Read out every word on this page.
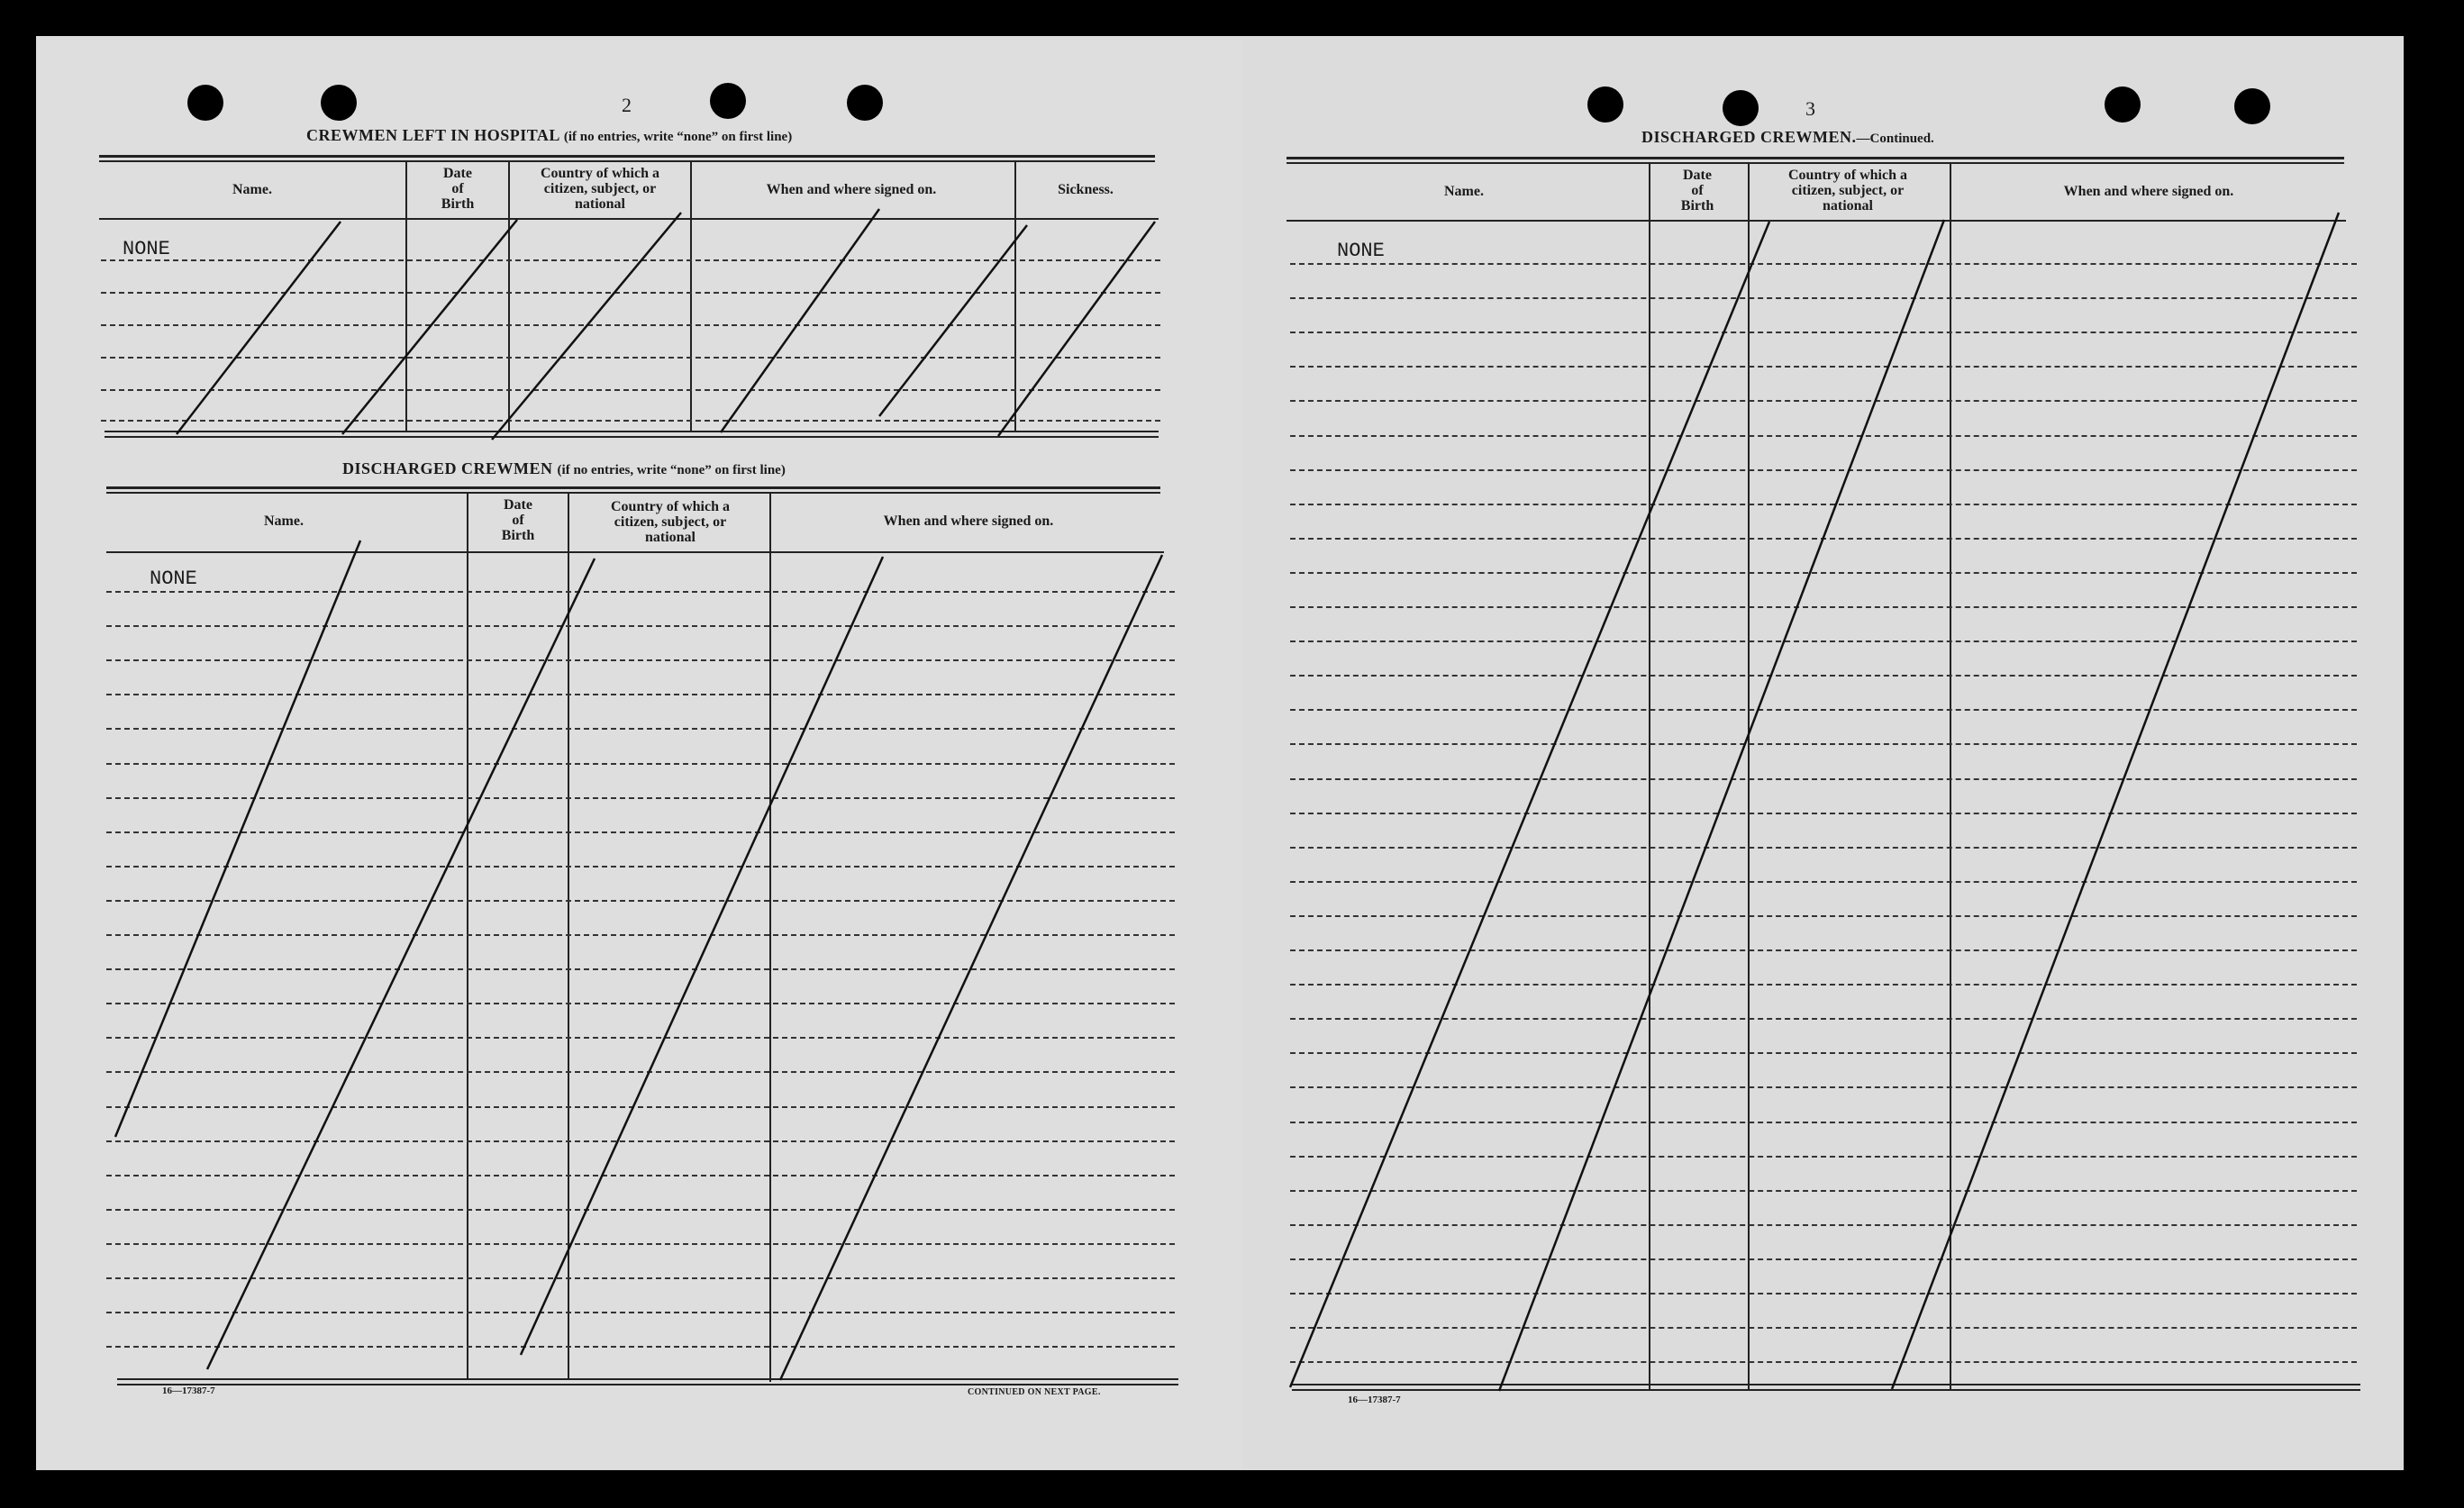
2
CREWMEN LEFT IN HOSPITAL (if no entries, write “none” on first line)
Name.
Date
of
Birth
Country of which a
citizen, subject, or
national
When and where signed on.	Sickness.
NONE
DISCHARGED CREWMEN (if no entries, write “none” on first line)
Name.
Date
of
Birth
Country of which a
citizen, subject, or
national
When and where signed on.
NONE
16—17387-7	CONTINUED ON NEXT PAGE.
3
DISCHARGED CREWMEN.—Continued.
Name.
Date
of
Birth
Country of which a
citizen, subject, or
national
When and where signed on.
NONE
16—17387-7
